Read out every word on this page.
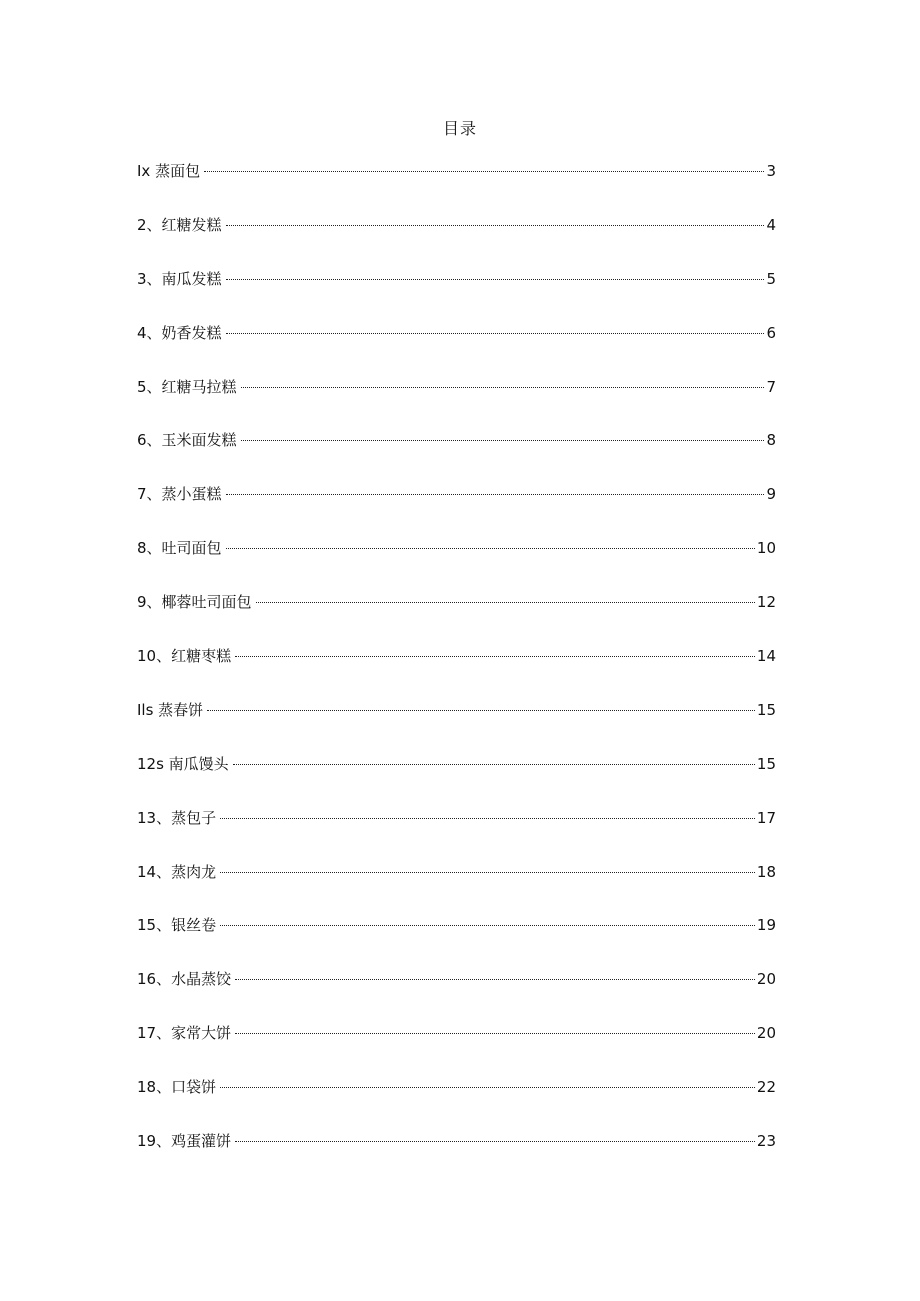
目录
Ix 蒸面包	3
2、红糖发糕	4
3、南瓜发糕	5
4、奶香发糕	6
5、红糖马拉糕	7
6、玉米面发糕	8
7、蒸小蛋糕	9
8、吐司面包	10
9、椰蓉吐司面包	12
10、红糖枣糕	14
Ils 蒸春饼	15
12s 南瓜馒头	15
13、蒸包子	17
14、蒸肉龙	18
15、银丝卷	19
16、水晶蒸饺	20
17、家常大饼	20
18、口袋饼	22
19、鸡蛋灌饼	23
